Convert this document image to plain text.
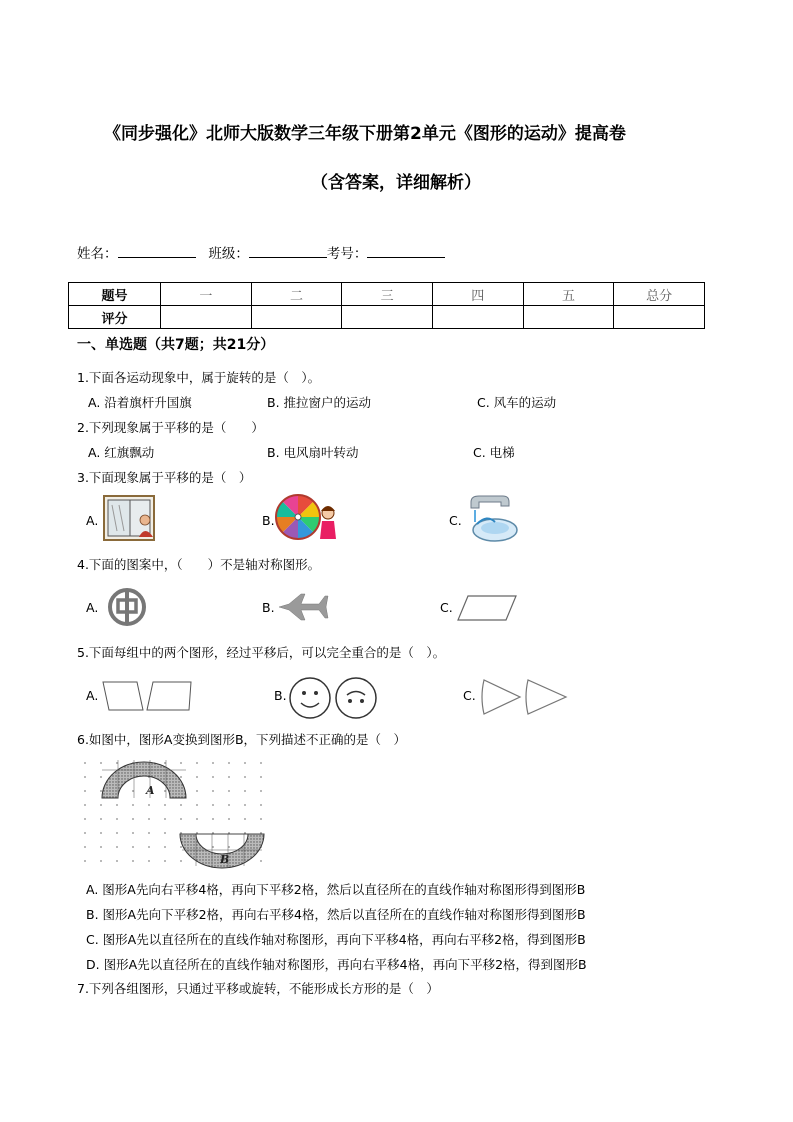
《同步强化》北师大版数学三年级下册第2单元《图形的运动》提高卷
（含答案，详细解析）
姓名：	班级：	考号：
题号	一	二	三	四	五	总分
评分						
一、单选题（共7题；共21分）
1.下面各运动现象中，属于旋转的是（　）。
A. 沿着旗杆升国旗	B. 推拉窗户的运动	C. 风车的运动
2.下列现象属于平移的是（　　）
A. 红旗飘动	B. 电风扇叶转动	C. 电梯
3.下面现象属于平移的是（　）
A.	B.	C.
4.下面的图案中，（　　）不是轴对称图形。
A.	B.	C.
5.下面每组中的两个图形，经过平移后，可以完全重合的是（　）。
A.	B.	C.
6.如图中，图形A变换到图形B，下列描述不正确的是（　）
A
B
A. 图形A先向右平移4格，再向下平移2格，然后以直径所在的直线作轴对称图形得到图形B
B. 图形A先向下平移2格，再向右平移4格，然后以直径所在的直线作轴对称图形得到图形B
C. 图形A先以直径所在的直线作轴对称图形，再向下平移4格，再向右平移2格，得到图形B
D. 图形A先以直径所在的直线作轴对称图形，再向右平移4格，再向下平移2格，得到图形B
7.下列各组图形，只通过平移或旋转，不能形成长方形的是（　）
